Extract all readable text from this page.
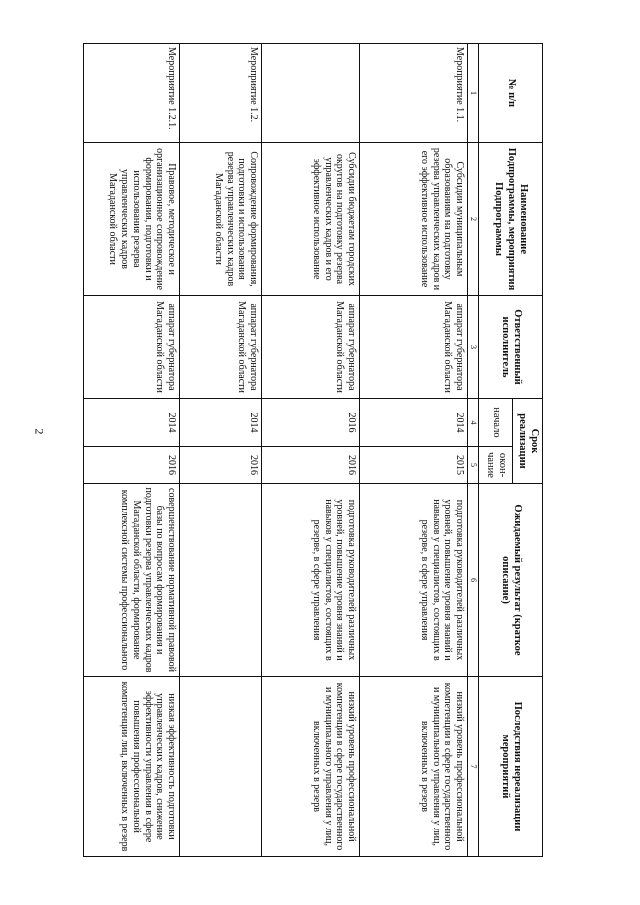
2
№ п/п	Наименование Подпрограммы, мероприятия Подпрограммы	Ответственный исполнитель	Срок реализации		Ожидаемый результат (краткое описание)	Последствия нереализации мероприятий
			начало	окон-чание		
1	2	3	4	5	6	7
Мероприятие 1.1.	Субсидии муниципальным образованиям на подготовку резерва управленческих кадров и его эффективное использование	аппарат губернатора Магаданской области	2014	2015	подготовка руководителей различных уровней, повышение уровня знаний и навыков у специалистов, состоящих в резерве, в сфере управления	низкий уровень профессиональной компетенции в сфере государственного и муниципального управления у лиц, включенных в резерв
	Субсидии бюджетам городских округов на подготовку резерва управленческих кадров и его эффективное использование	аппарат губернатора Магаданской области	2016	2016	подготовка руководителей различных уровней, повышение уровня знаний и навыков у специалистов, состоящих в резерве, в сфере управления	низкий уровень профессиональной компетенции в сфере государственного и муниципального управления у лиц, включенных в резерв
Мероприятие 1.2.	Сопровождение формирования, подготовки и использования резерва управленческих кадров Магаданской области	аппарат губернатора Магаданской области	2014	2016		
Мероприятие 1.2.1.	Правовое, методическое и организационное сопровождение формирования, подготовки и использования резерва управленческих кадров Магаданской области	аппарат губернатора Магаданской области	2014	2016	совершенствование нормативной правовой базы по вопросам формирования и подготовки резерва управленческих кадров Магаданской области, формирование комплексной системы профессионального	низкая эффективность подготовки управленческих кадров, снижение эффективности управления в сфере повышения профессиональной компетенции лиц, включенных в резерв
